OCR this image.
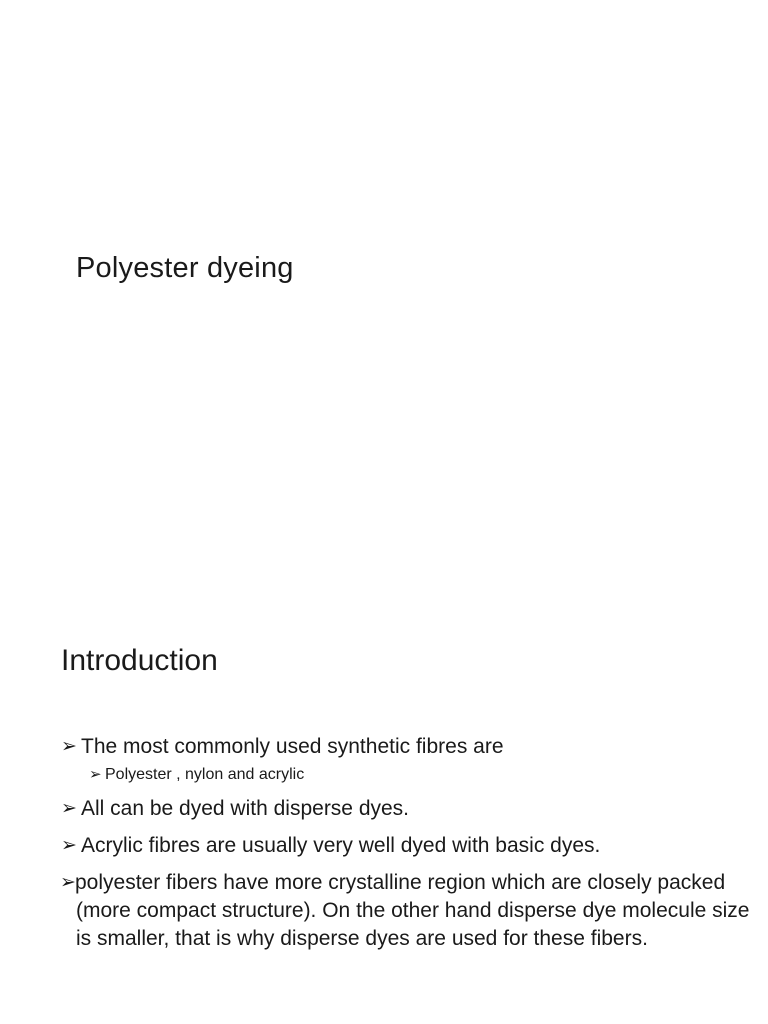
Polyester dyeing
Introduction
➢ The most commonly used synthetic fibres are
➢ Polyester , nylon and acrylic
➢ All can be dyed with disperse dyes.
➢ Acrylic fibres are usually very well dyed with basic dyes.
➢ polyester fibers have more crystalline region which are closely packed (more compact structure). On the other hand disperse dye molecule size is smaller, that is why disperse dyes are used for these fibers.
